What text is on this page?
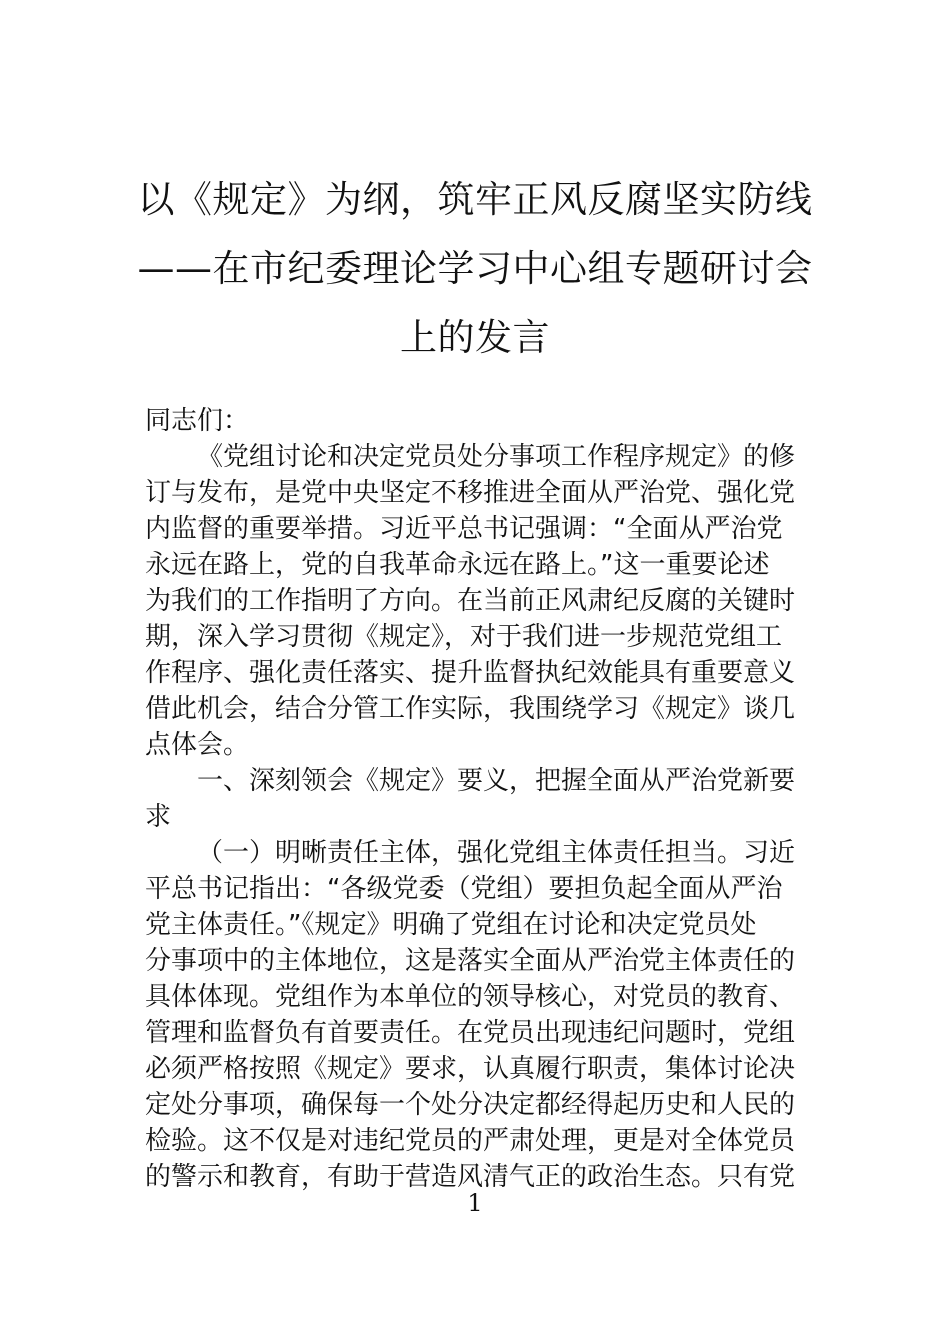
以《规定》为纲，筑牢正风反腐坚实防线
——在市纪委理论学习中心组专题研讨会
上的发言
同志们：
《党组讨论和决定党员处分事项工作程序规定》的修
订与发布，是党中央坚定不移推进全面从严治党、强化党
内监督的重要举措。习近平总书记强调：“全面从严治党
永远在路上，党的自我革命永远在路上。”这一重要论述
为我们的工作指明了方向。在当前正风肃纪反腐的关键时
期，深入学习贯彻《规定》，对于我们进一步规范党组工
作程序、强化责任落实、提升监督执纪效能具有重要意义
借此机会，结合分管工作实际，我围绕学习《规定》谈几
点体会。
一、深刻领会《规定》要义，把握全面从严治党新要
求
（一）明晰责任主体，强化党组主体责任担当。习近
平总书记指出：“各级党委（党组）要担负起全面从严治
党主体责任。”《规定》明确了党组在讨论和决定党员处
分事项中的主体地位，这是落实全面从严治党主体责任的
具体体现。党组作为本单位的领导核心，对党员的教育、
管理和监督负有首要责任。在党员出现违纪问题时，党组
必须严格按照《规定》要求，认真履行职责，集体讨论决
定处分事项，确保每一个处分决定都经得起历史和人民的
检验。这不仅是对违纪党员的严肃处理，更是对全体党员
的警示和教育，有助于营造风清气正的政治生态。只有党
1
